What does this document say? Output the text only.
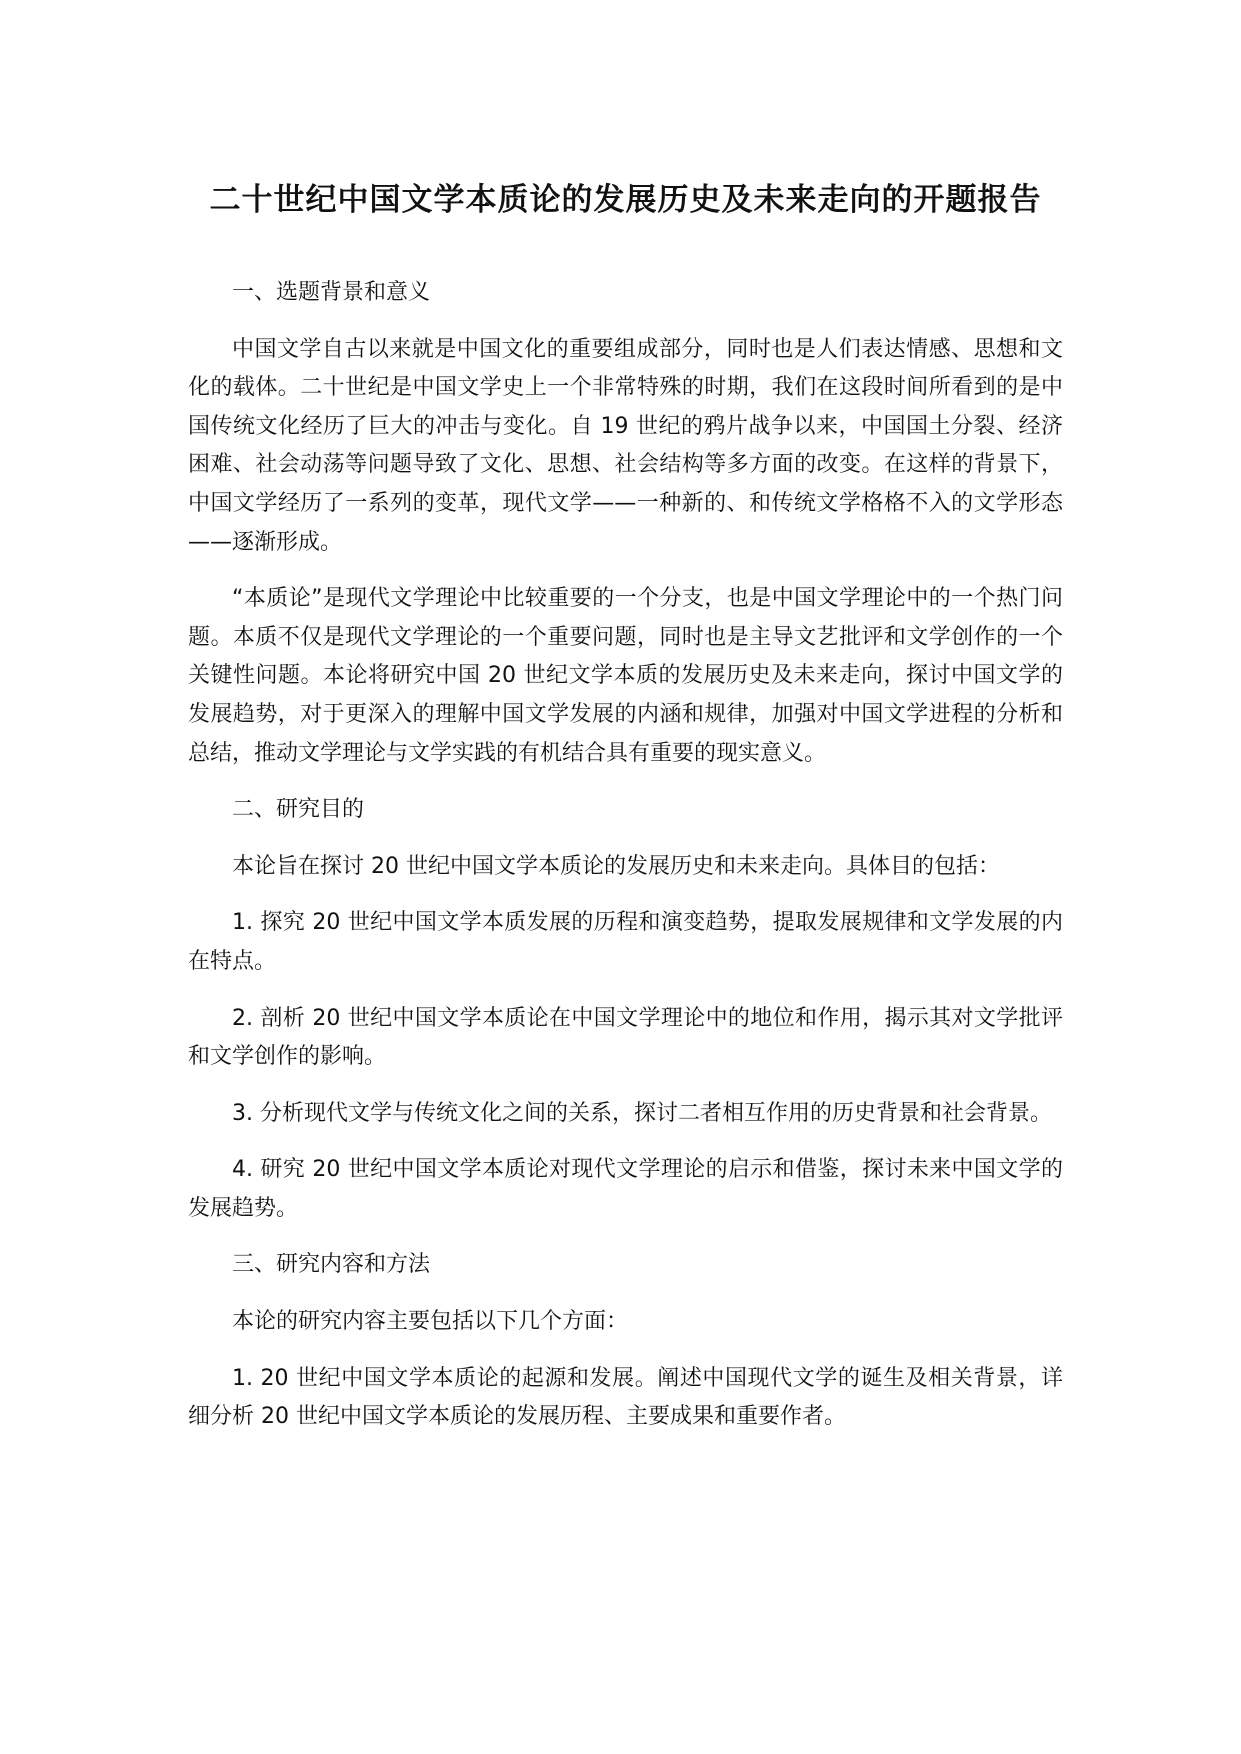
二十世纪中国文学本质论的发展历史及未来走向的开题报告

一、选题背景和意义

中国文学自古以来就是中国文化的重要组成部分，同时也是人们表达情感、思想和文化的载体。二十世纪是中国文学史上一个非常特殊的时期，我们在这段时间所看到的是中国传统文化经历了巨大的冲击与变化。自 19 世纪的鸦片战争以来，中国国土分裂、经济困难、社会动荡等问题导致了文化、思想、社会结构等多方面的改变。在这样的背景下，中国文学经历了一系列的变革，现代文学——一种新的、和传统文学格格不入的文学形态——逐渐形成。

“本质论”是现代文学理论中比较重要的一个分支，也是中国文学理论中的一个热门问题。本质不仅是现代文学理论的一个重要问题，同时也是主导文艺批评和文学创作的一个关键性问题。本论将研究中国 20 世纪文学本质的发展历史及未来走向，探讨中国文学的发展趋势，对于更深入的理解中国文学发展的内涵和规律，加强对中国文学进程的分析和总结，推动文学理论与文学实践的有机结合具有重要的现实意义。

二、研究目的

本论旨在探讨 20 世纪中国文学本质论的发展历史和未来走向。具体目的包括：

1. 探究 20 世纪中国文学本质发展的历程和演变趋势，提取发展规律和文学发展的内在特点。

2. 剖析 20 世纪中国文学本质论在中国文学理论中的地位和作用，揭示其对文学批评和文学创作的影响。

3. 分析现代文学与传统文化之间的关系，探讨二者相互作用的历史背景和社会背景。

4. 研究 20 世纪中国文学本质论对现代文学理论的启示和借鉴，探讨未来中国文学的发展趋势。

三、研究内容和方法

本论的研究内容主要包括以下几个方面：

1. 20 世纪中国文学本质论的起源和发展。阐述中国现代文学的诞生及相关背景，详细分析 20 世纪中国文学本质论的发展历程、主要成果和重要作者。
